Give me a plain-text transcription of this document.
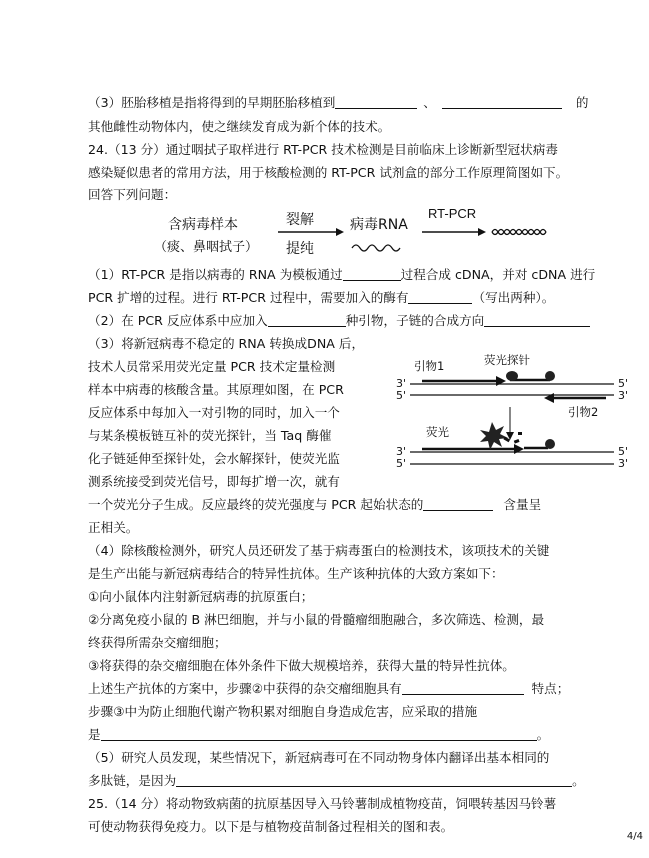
（3）胚胎移植是指将得到的早期胚胎移植到	、	的
其他雌性动物体内，使之继续发育成为新个体的技术。
24.（13 分）通过咽拭子取样进行 RT-PCR 技术检测是目前临床上诊断新型冠状病毒
感染疑似患者的常用方法，用于核酸检测的 RT-PCR 试剂盒的部分工作原理简图如下。
回答下列问题：
含病毒样本
（痰、鼻咽拭子）
裂解
提纯
病毒RNA
RT-PCR
（1）RT-PCR 是指以病毒的 RNA 为模板通过	过程合成 cDNA，并对 cDNA 进行
PCR 扩增的过程。进行 RT-PCR 过程中，需要加入的酶有	（写出两种）。
（2）在 PCR 反应体系中应加入	种引物，子链的合成方向
（3）将新冠病毒不稳定的 RNA 转换成DNA 后，
技术人员常采用荧光定量 PCR 技术定量检测
样本中病毒的核酸含量。其原理如图，在 PCR
反应体系中每加入一对引物的同时，加入一个
与某条模板链互补的荧光探针，当 Taq 酶催
化子链延伸至探针处，会水解探针，使荧光监
测系统接受到荧光信号，即每扩增一次，就有
引物1	荧光探针
引物2
荧光
3'	5'
5'	3'
3'	5'
5'	3'
一个荧光分子生成。反应最终的荧光强度与 PCR 起始状态的	含量呈
正相关。
（4）除核酸检测外，研究人员还研发了基于病毒蛋白的检测技术，该项技术的关键
是生产出能与新冠病毒结合的特异性抗体。生产该种抗体的大致方案如下：
①向小鼠体内注射新冠病毒的抗原蛋白；
②分离免疫小鼠的 B 淋巴细胞，并与小鼠的骨髓瘤细胞融合，多次筛选、检测，最
终获得所需杂交瘤细胞；
③将获得的杂交瘤细胞在体外条件下做大规模培养，获得大量的特异性抗体。
上述生产抗体的方案中，步骤②中获得的杂交瘤细胞具有	特点；
步骤③中为防止细胞代谢产物积累对细胞自身造成危害，应采取的措施
是	。
（5）研究人员发现，某些情况下，新冠病毒可在不同动物身体内翻译出基本相同的
多肽链，是因为	。
25.（14 分）将动物致病菌的抗原基因导入马铃薯制成植物疫苗，饲喂转基因马铃薯
可使动物获得免疫力。以下是与植物疫苗制备过程相关的图和表。
4/4
